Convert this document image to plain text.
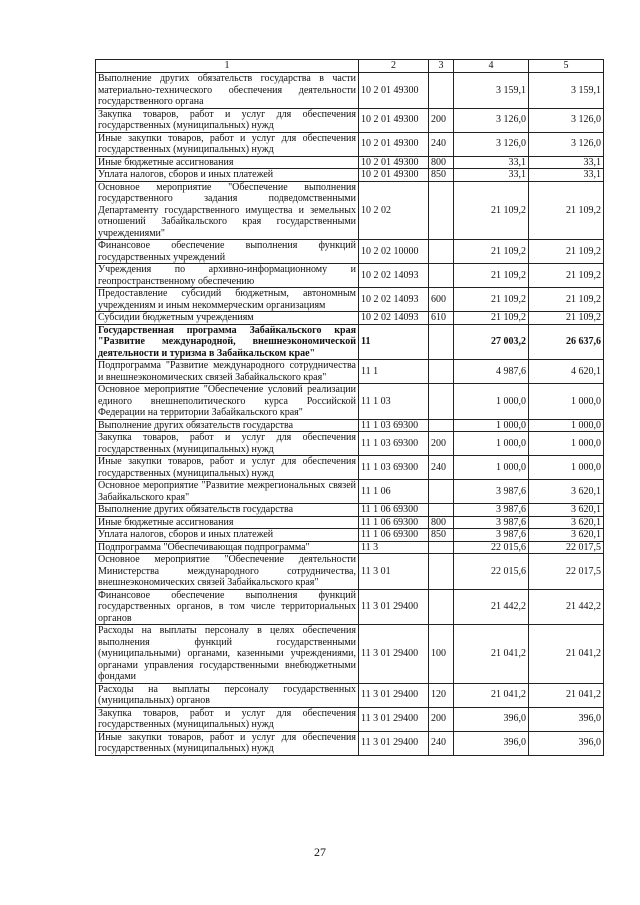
1	2	3	4	5
Выполнение других обязательств государства в части материально-технического обеспечения деятельности государственного органа	10 2 01 49300		3 159,1	3 159,1
Закупка товаров, работ и услуг для обеспечения государственных (муниципальных) нужд	10 2 01 49300	200	3 126,0	3 126,0
Иные закупки товаров, работ и услуг для обеспечения государственных (муниципальных) нужд	10 2 01 49300	240	3 126,0	3 126,0
Иные бюджетные ассигнования	10 2 01 49300	800	33,1	33,1
Уплата налогов, сборов и иных платежей	10 2 01 49300	850	33,1	33,1
Основное мероприятие "Обеспечение выполнения государственного задания подведомственными Департаменту государственного имущества и земельных отношений Забайкальского края государственными учреждениями"	10 2 02		21 109,2	21 109,2
Финансовое обеспечение выполнения функций государственных учреждений	10 2 02 10000		21 109,2	21 109,2
Учреждения по архивно-информационному и геопространственному обеспечению	10 2 02 14093		21 109,2	21 109,2
Предоставление субсидий бюджетным, автономным учреждениям и иным некоммерческим организациям	10 2 02 14093	600	21 109,2	21 109,2
Субсидии бюджетным учреждениям	10 2 02 14093	610	21 109,2	21 109,2
Государственная программа Забайкальского края "Развитие международной, внешнеэкономической деятельности и туризма в Забайкальском крае"	11		27 003,2	26 637,6
Подпрограмма "Развитие международного сотрудничества и внешнеэкономических связей Забайкальского края"	11 1		4 987,6	4 620,1
Основное мероприятие "Обеспечение условий реализации единого внешнеполитического курса Российской Федерации на территории Забайкальского края"	11 1 03		1 000,0	1 000,0
Выполнение других обязательств государства	11 1 03 69300		1 000,0	1 000,0
Закупка товаров, работ и услуг для обеспечения государственных (муниципальных) нужд	11 1 03 69300	200	1 000,0	1 000,0
Иные закупки товаров, работ и услуг для обеспечения государственных (муниципальных) нужд	11 1 03 69300	240	1 000,0	1 000,0
Основное мероприятие "Развитие межрегиональных связей Забайкальского края"	11 1 06		3 987,6	3 620,1
Выполнение других обязательств государства	11 1 06 69300		3 987,6	3 620,1
Иные бюджетные ассигнования	11 1 06 69300	800	3 987,6	3 620,1
Уплата налогов, сборов и иных платежей	11 1 06 69300	850	3 987,6	3 620,1
Подпрограмма "Обеспечивающая подпрограмма"	11 3		22 015,6	22 017,5
Основное мероприятие "Обеспечение деятельности Министерства международного сотрудничества, внешнеэкономических связей Забайкальского края"	11 3 01		22 015,6	22 017,5
Финансовое обеспечение выполнения функций государственных органов, в том числе территориальных органов	11 3 01 29400		21 442,2	21 442,2
Расходы на выплаты персоналу в целях обеспечения выполнения функций государственными (муниципальными) органами, казенными учреждениями, органами управления государственными внебюджетными фондами	11 3 01 29400	100	21 041,2	21 041,2
Расходы на выплаты персоналу государственных (муниципальных) органов	11 3 01 29400	120	21 041,2	21 041,2
Закупка товаров, работ и услуг для обеспечения государственных (муниципальных) нужд	11 3 01 29400	200	396,0	396,0
Иные закупки товаров, работ и услуг для обеспечения государственных (муниципальных) нужд	11 3 01 29400	240	396,0	396,0
27
